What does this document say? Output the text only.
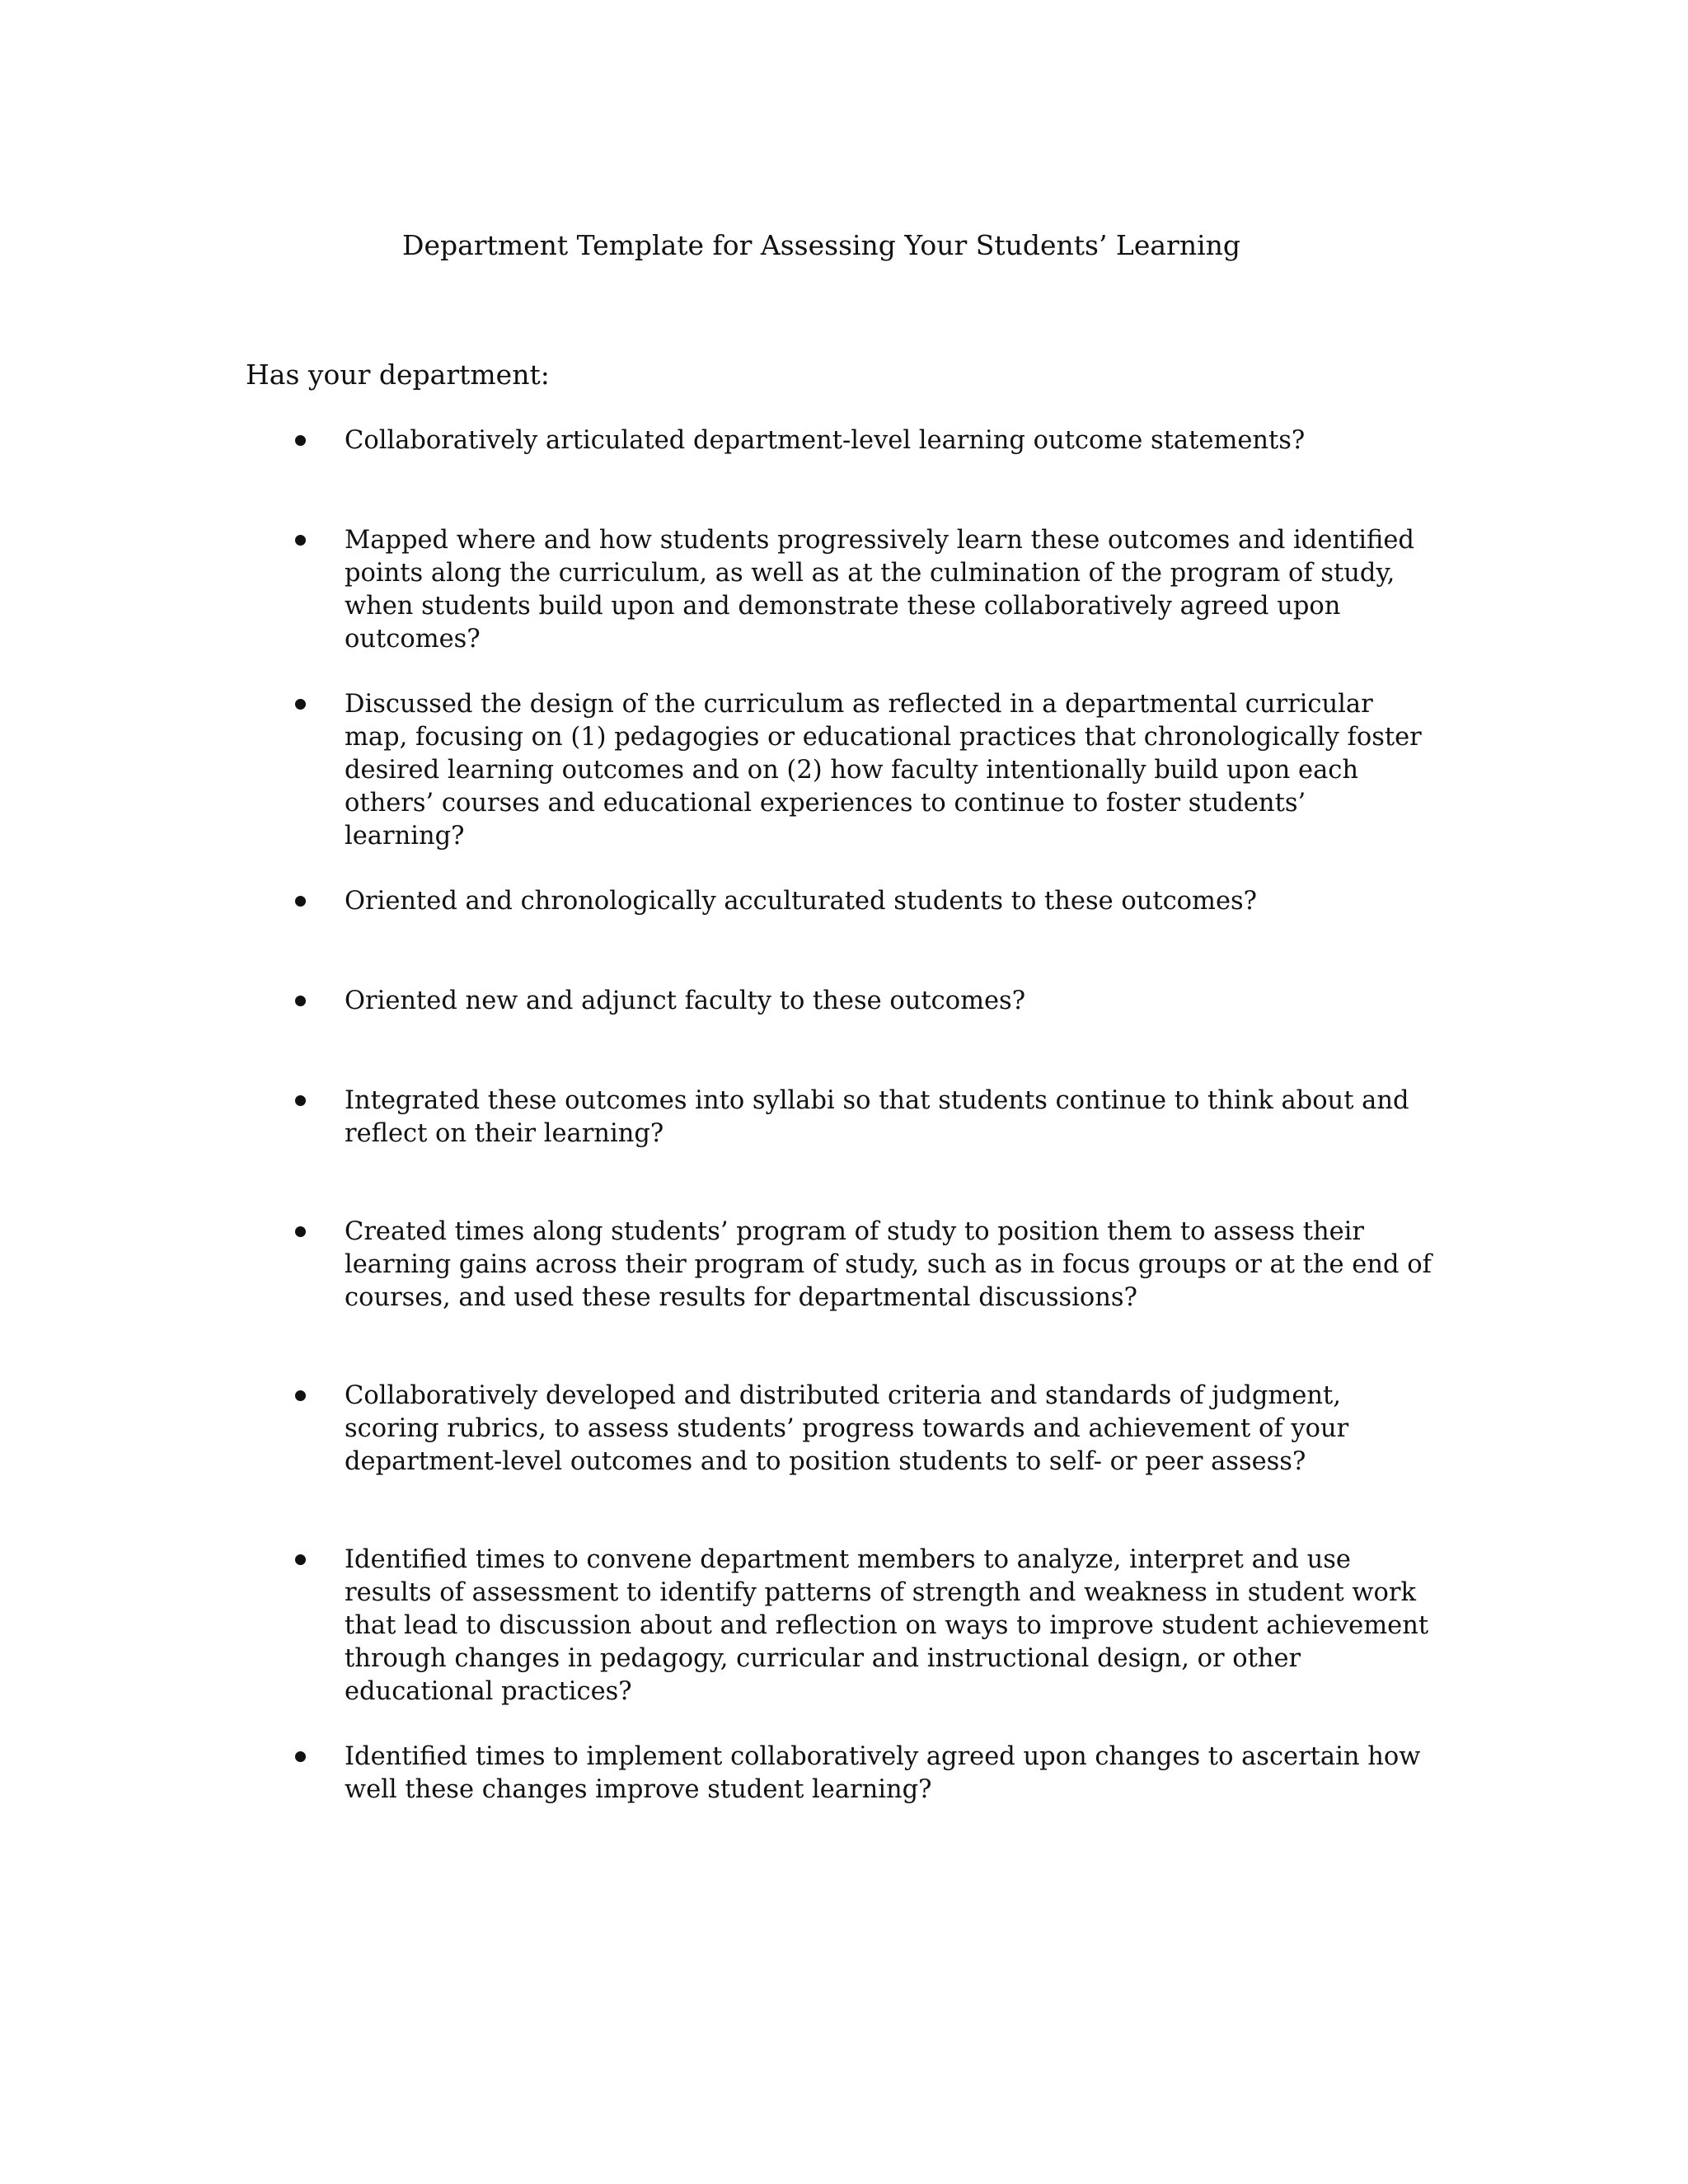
Department Template for Assessing Your Students’ Learning

Has your department:

Collaboratively articulated department-level learning outcome statements?

Mapped where and how students progressively learn these outcomes and identified points along the curriculum, as well as at the culmination of the program of study, when students build upon and demonstrate these collaboratively agreed upon outcomes?

Discussed the design of the curriculum as reflected in a departmental curricular map, focusing on (1) pedagogies or educational practices that chronologically foster desired learning outcomes and on (2) how faculty intentionally build upon each others’ courses and educational experiences to continue to foster students’ learning?

Oriented and chronologically acculturated students to these outcomes?

Oriented new and adjunct faculty to these outcomes?

Integrated these outcomes into syllabi so that students continue to think about and reflect on their learning?

Created times along students’ program of study to position them to assess their learning gains across their program of study, such as in focus groups or at the end of courses, and used these results for departmental discussions?

Collaboratively developed and distributed criteria and standards of judgment, scoring rubrics, to assess students’ progress towards and achievement of your department-level outcomes and to position students to self- or peer assess?

Identified times to convene department members to analyze, interpret and use results of assessment to identify patterns of strength and weakness in student work that lead to discussion about and reflection on ways to improve student achievement through changes in pedagogy, curricular and instructional design, or other educational practices?

Identified times to implement collaboratively agreed upon changes to ascertain how well these changes improve student learning?
